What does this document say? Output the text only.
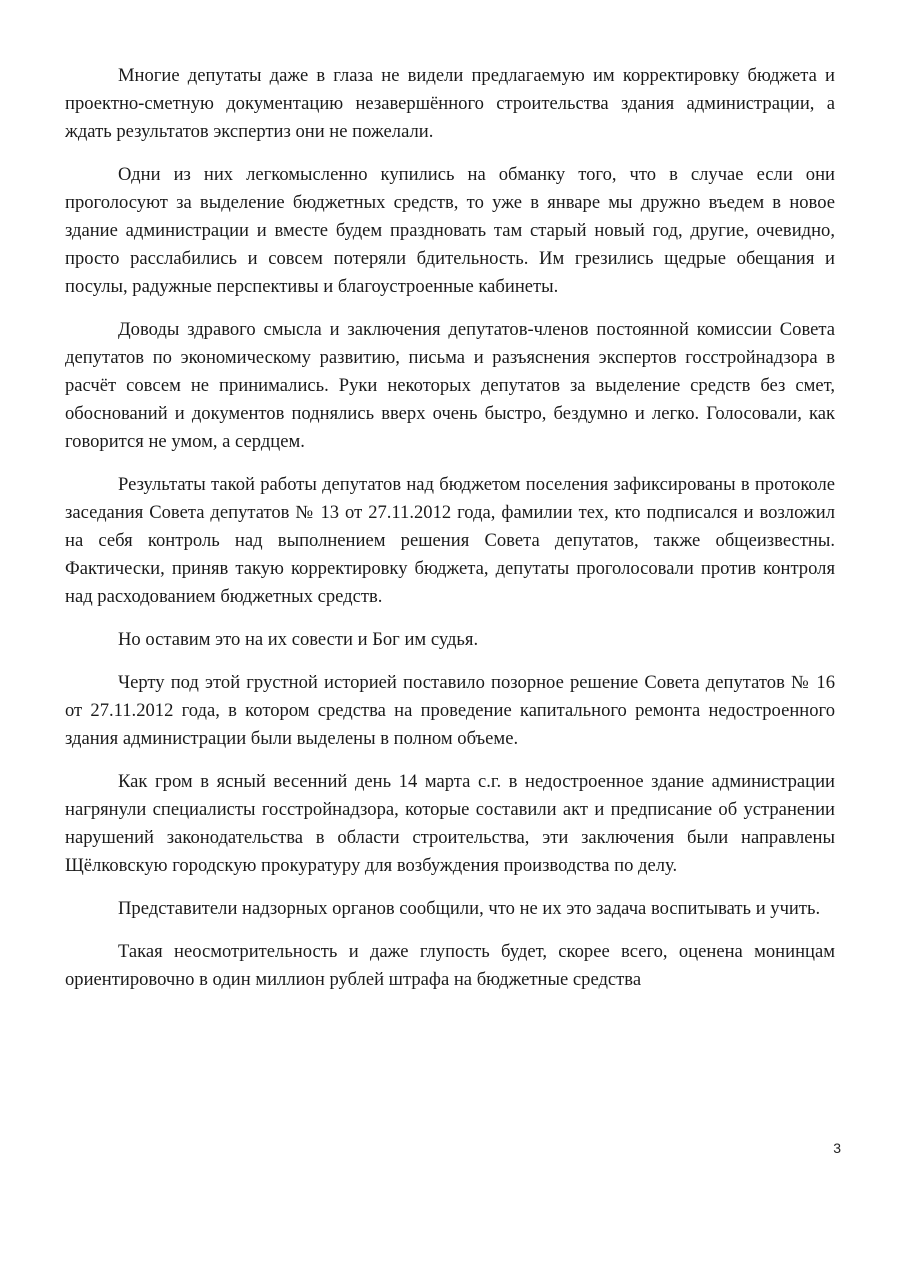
Многие депутаты даже в глаза не видели предлагаемую им корректировку бюджета и проектно-сметную документацию незавершённого строительства здания администрации, а ждать результатов экспертиз они не пожелали.

Одни из них легкомысленно купились на обманку того, что в случае если они проголосуют за выделение бюджетных средств, то уже в январе мы дружно въедем в новое здание администрации и вместе будем праздновать там старый новый год, другие, очевидно, просто расслабились и совсем потеряли бдительность. Им грезились щедрые обещания и посулы, радужные перспективы и благоустроенные кабинеты.

Доводы здравого смысла и заключения депутатов-членов постоянной комиссии Совета депутатов по экономическому развитию, письма и разъяснения экспертов госстройнадзора в расчёт совсем не принимались. Руки некоторых депутатов за выделение средств без смет, обоснований и документов поднялись вверх очень быстро, бездумно и легко. Голосовали, как говорится не умом, а сердцем.

Результаты такой работы депутатов над бюджетом поселения зафиксированы в протоколе заседания Совета депутатов № 13 от 27.11.2012 года, фамилии тех, кто подписался и возложил на себя контроль над выполнением решения Совета депутатов, также общеизвестны. Фактически, приняв такую корректировку бюджета, депутаты проголосовали против контроля над расходованием бюджетных средств.

Но оставим это на их совести и Бог им судья.

Черту под этой грустной историей поставило позорное решение Совета депутатов № 16 от 27.11.2012 года, в котором средства на проведение капитального ремонта недостроенного здания администрации были выделены в полном объеме.

Как гром в ясный весенний день 14 марта с.г. в недостроенное здание администрации нагрянули специалисты госстройнадзора, которые составили акт и предписание об устранении нарушений законодательства в области строительства, эти заключения были направлены Щёлковскую городскую прокуратуру для возбуждения производства по делу.

Представители надзорных органов сообщили, что не их это задача воспитывать и учить.

Такая неосмотрительность и даже глупость будет, скорее всего, оценена монинцам ориентировочно в один миллион рублей штрафа на бюджетные средства

3
